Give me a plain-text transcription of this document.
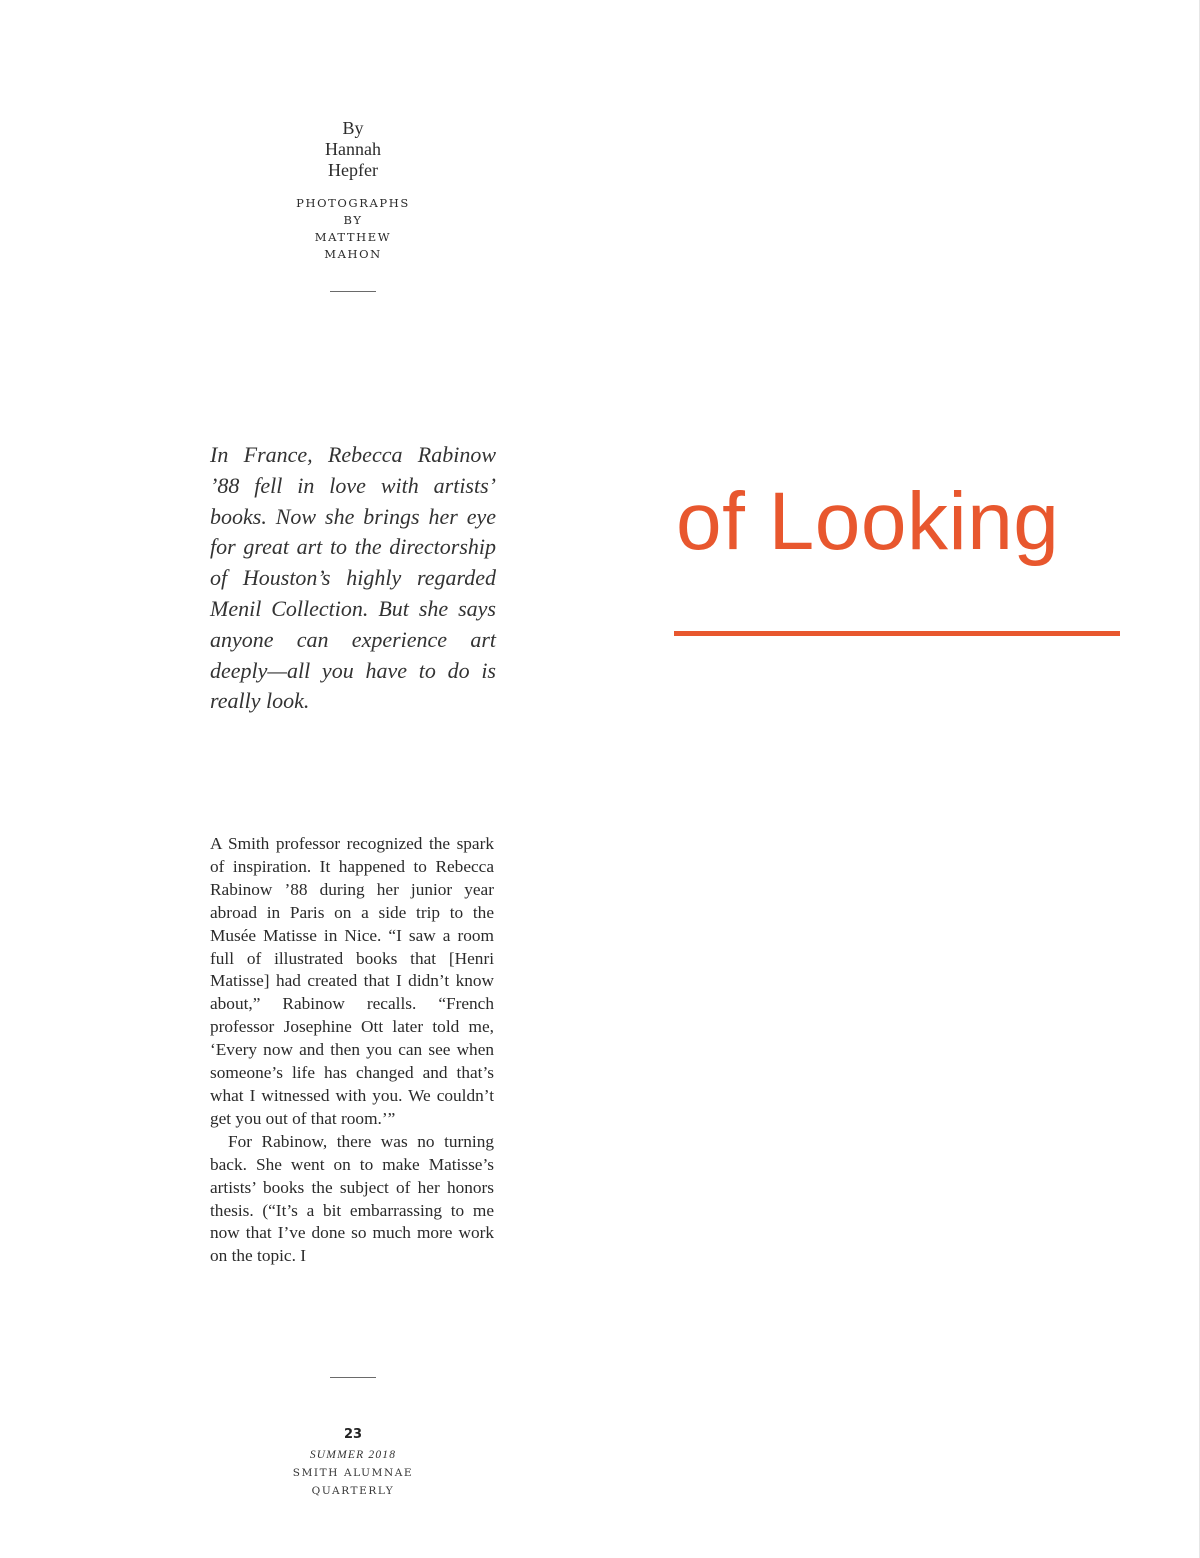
By
Hannah
Hepfer
PHOTOGRAPHS
BY
MATTHEW
MAHON
In France, Rebecca Rabinow ’88 fell in love with artists’ books. Now she brings her eye for great art to the directorship of Houston’s highly regarded Menil Collection. But she says anyone can experience art deeply—all you have to do is really look.
of Looking

A Smith professor recognized the spark of inspiration. It happened to Rebecca Rabinow ’88 during her junior year abroad in Paris on a side trip to the Musée Matisse in Nice. “I saw a room full of illustrated books that [Henri Matisse] had created that I didn’t know about,” Rabinow recalls. “French professor Josephine Ott later told me, ‘Every now and then you can see when someone’s life has changed and that’s what I witnessed with you. We couldn’t get you out of that room.’”

For Rabinow, there was no turning back. She went on to make Matisse’s artists’ books the subject of her honors thesis. (“It’s a bit embarrassing to me now that I’ve done so much more work on the topic. I

23
SUMMER 2018
SMITH ALUMNAE
QUARTERLY
